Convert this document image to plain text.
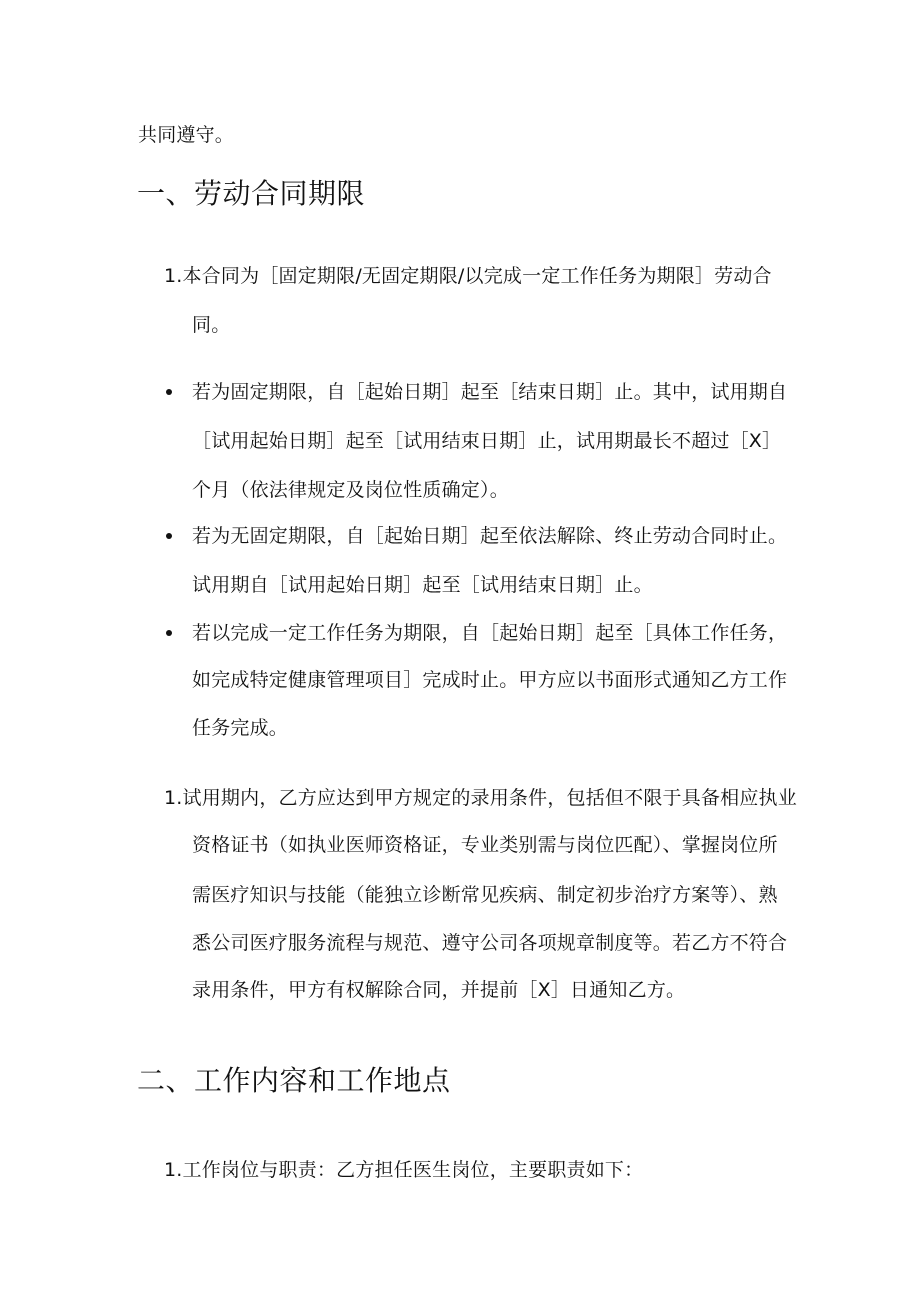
共同遵守。
一、劳动合同期限
1.本合同为［固定期限/无固定期限/以完成一定工作任务为期限］劳动合
同。
若为固定期限，自［起始日期］起至［结束日期］止。其中，试用期自
［试用起始日期］起至［试用结束日期］止，试用期最长不超过［X］
个月（依法律规定及岗位性质确定）。
若为无固定期限，自［起始日期］起至依法解除、终止劳动合同时止。
试用期自［试用起始日期］起至［试用结束日期］止。
若以完成一定工作任务为期限，自［起始日期］起至［具体工作任务，
如完成特定健康管理项目］完成时止。甲方应以书面形式通知乙方工作
任务完成。
1.试用期内，乙方应达到甲方规定的录用条件，包括但不限于具备相应执业
资格证书（如执业医师资格证，专业类别需与岗位匹配）、掌握岗位所
需医疗知识与技能（能独立诊断常见疾病、制定初步治疗方案等）、熟
悉公司医疗服务流程与规范、遵守公司各项规章制度等。若乙方不符合
录用条件，甲方有权解除合同，并提前［X］日通知乙方。
二、工作内容和工作地点
1.工作岗位与职责：乙方担任医生岗位，主要职责如下：
